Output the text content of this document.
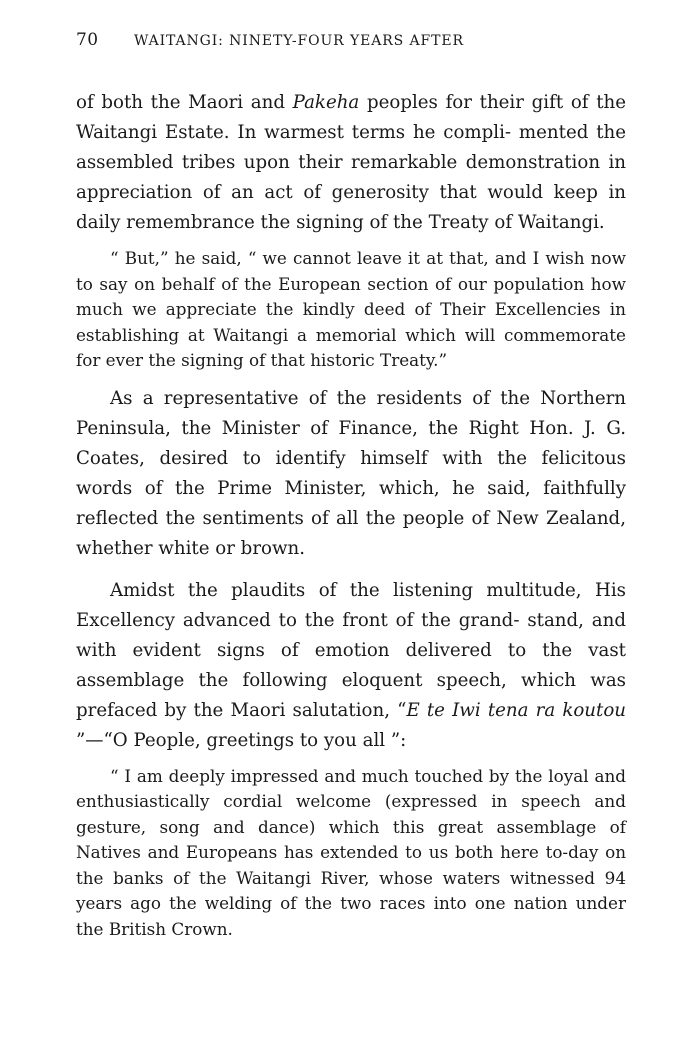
70	WAITANGI: NINETY-FOUR YEARS AFTER

of both the Maori and Pakeha peoples for their gift of the Waitangi Estate. In warmest terms he compli- mented the assembled tribes upon their remarkable demonstration in appreciation of an act of generosity that would keep in daily remembrance the signing of the Treaty of Waitangi.

“ But,” he said, “ we cannot leave it at that, and I wish now to say on behalf of the European section of our population how much we appreciate the kindly deed of Their Excellencies in establishing at Waitangi a memorial which will commemorate for ever the signing of that historic Treaty.”

As a representative of the residents of the Northern Peninsula, the Minister of Finance, the Right Hon. J. G. Coates, desired to identify himself with the felicitous words of the Prime Minister, which, he said, faithfully reflected the sentiments of all the people of New Zealand, whether white or brown.

Amidst the plaudits of the listening multitude, His Excellency advanced to the front of the grand- stand, and with evident signs of emotion delivered to the vast assemblage the following eloquent speech, which was prefaced by the Maori salutation, “E te Iwi tena ra koutou ”—“O People, greetings to you all ”:

“ I am deeply impressed and much touched by the loyal and enthusiastically cordial welcome (expressed in speech and gesture, song and dance) which this great assemblage of Natives and Europeans has extended to us both here to-day on the banks of the Waitangi River, whose waters witnessed 94 years ago the welding of the two races into one nation under the British Crown.
